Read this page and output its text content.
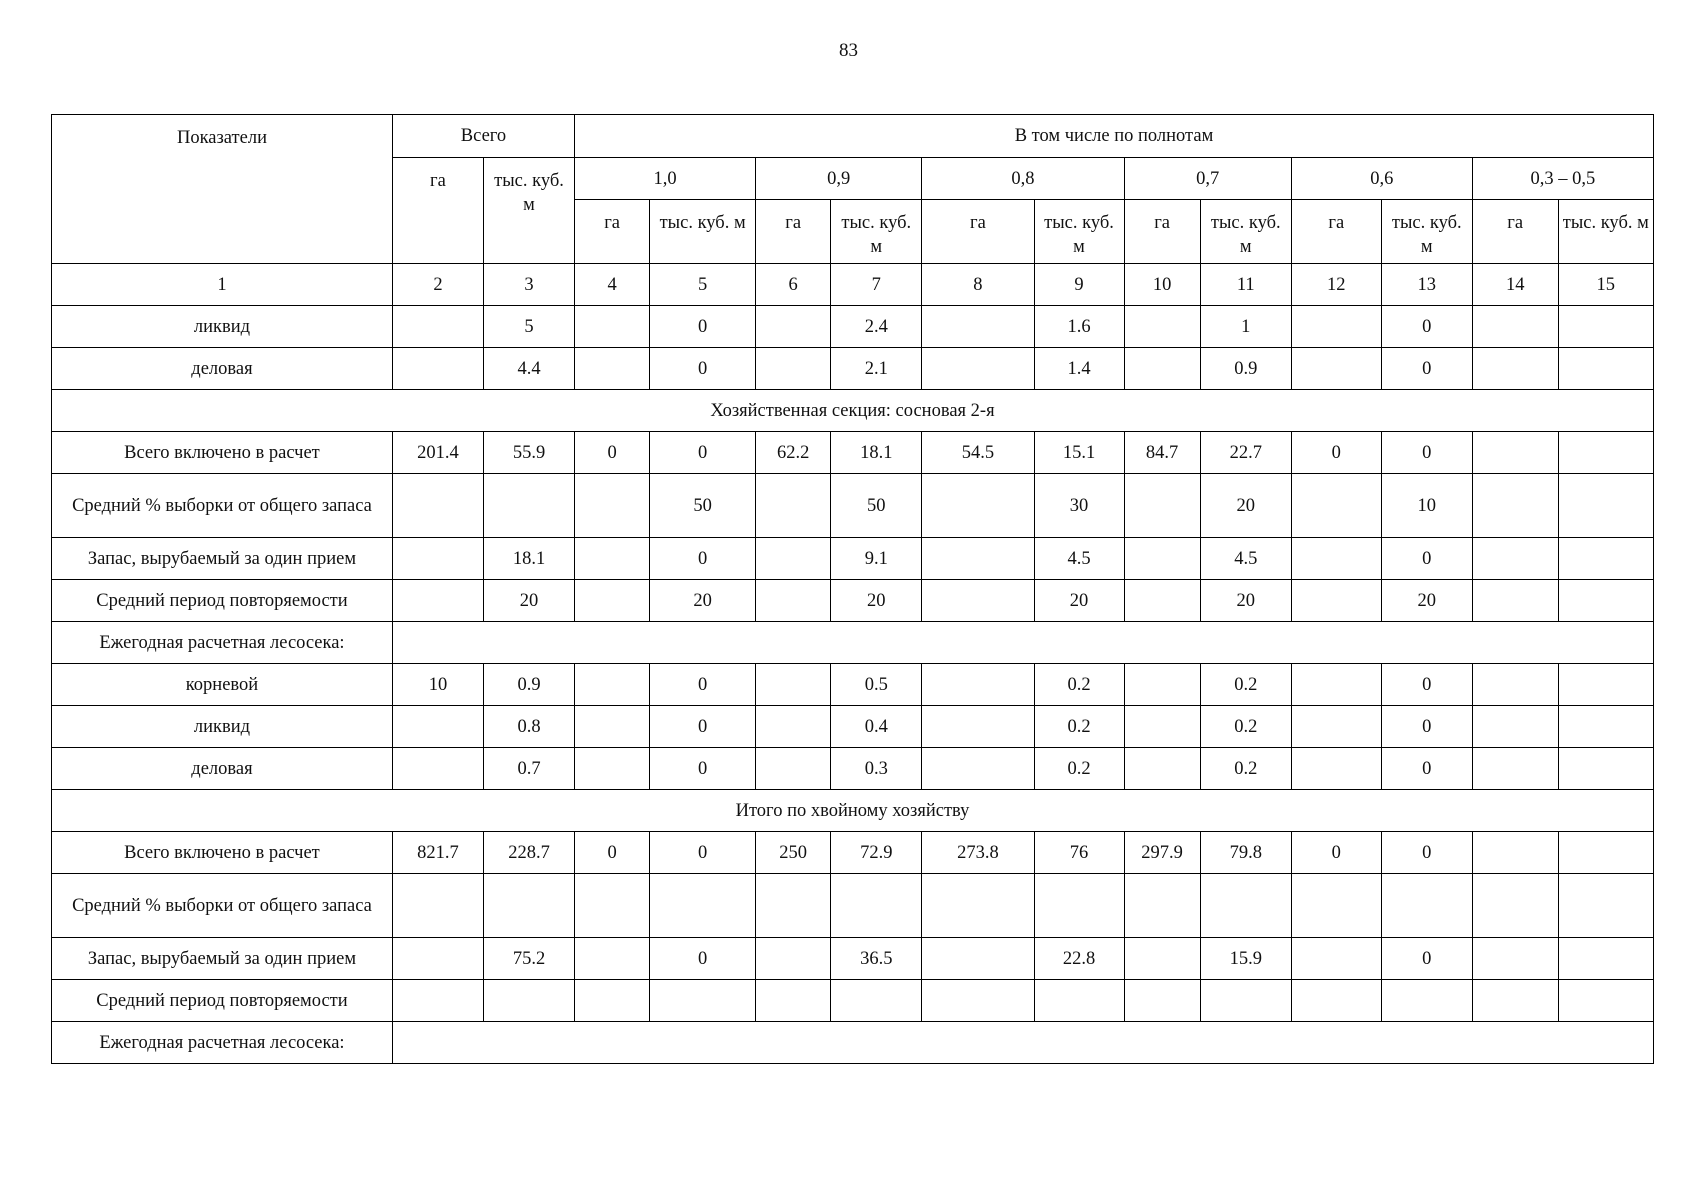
83
Показатели	Всего		В том числе по полнотам											
	га	тыс. куб. м	1,0		0,9		0,8		0,7		0,6		0,3 – 0,5	
			га	тыс. куб. м	га	тыс. куб. м	га	тыс. куб. м	га	тыс. куб. м	га	тыс. куб. м	га	тыс. куб. м
1	2	3	4	5	6	7	8	9	10	11	12	13	14	15
ликвид		5		0		2.4		1.6		1		0		
деловая		4.4		0		2.1		1.4		0.9		0		
Хозяйственная секция: сосновая 2-я														
Всего включено в расчет	201.4	55.9	0	0	62.2	18.1	54.5	15.1	84.7	22.7	0	0		
Средний % выборки от общего запаса				50		50		30		20		10		
Запас, вырубаемый за один прием		18.1		0		9.1		4.5		4.5		0		
Средний период повторяемости		20		20		20		20		20		20		
Ежегодная расчетная лесосека:														
корневой	10	0.9		0		0.5		0.2		0.2		0		
ликвид		0.8		0		0.4		0.2		0.2		0		
деловая		0.7		0		0.3		0.2		0.2		0		
Итого по хвойному хозяйству														
Всего включено в расчет	821.7	228.7	0	0	250	72.9	273.8	76	297.9	79.8	0	0		
Средний % выборки от общего запаса														
Запас, вырубаемый за один прием		75.2		0		36.5		22.8		15.9		0		
Средний период повторяемости														
Ежегодная расчетная лесосека:														
